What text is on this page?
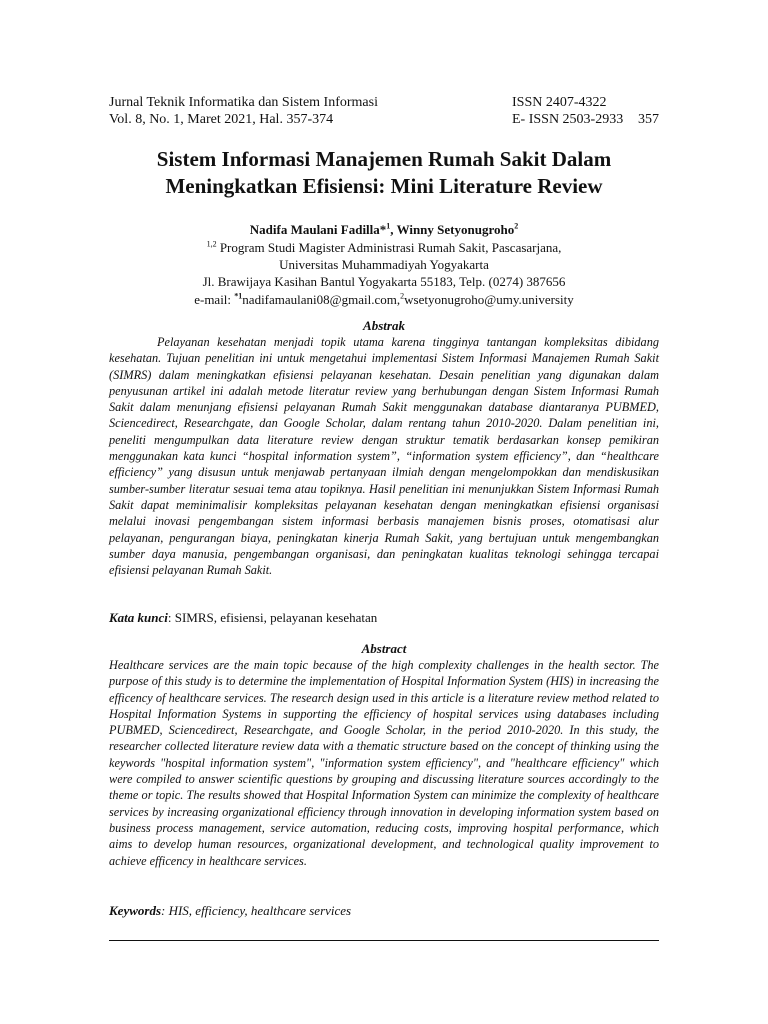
Jurnal Teknik Informatika dan Sistem Informasi	ISSN 2407-4322
Vol. 8, No. 1, Maret 2021, Hal. 357-374	E- ISSN 2503-2933 357
Sistem Informasi Manajemen Rumah Sakit Dalam
Meningkatkan Efisiensi: Mini Literature Review
Nadifa Maulani Fadilla*$^1$, Winny Setyonugroho$^2$
$^{1,2}$ Program Studi Magister Administrasi Rumah Sakit, Pascasarjana,
Universitas Muhammadiyah Yogyakarta
Jl. Brawijaya Kasihan Bantul Yogyakarta 55183, Telp. (0274) 387656
e-mail: $^{*1}$nadifamaulani08@gmail.com,$^2$wsetyonugroho@umy.university
Abstrak

Pelayanan kesehatan menjadi topik utama karena tingginya tantangan kompleksitas dibidang kesehatan. Tujuan penelitian ini untuk mengetahui implementasi Sistem Informasi Manajemen Rumah Sakit (SIMRS) dalam meningkatkan efisiensi pelayanan kesehatan. Desain penelitian yang digunakan dalam penyusunan artikel ini adalah metode literatur review yang berhubungan dengan Sistem Informasi Rumah Sakit dalam menunjang efisiensi pelayanan Rumah Sakit menggunakan database diantaranya PUBMED, Sciencedirect, Researchgate, dan Google Scholar, dalam rentang tahun 2010-2020. Dalam penelitian ini, peneliti mengumpulkan data literature review dengan struktur tematik berdasarkan konsep pemikiran menggunakan kata kunci “hospital information system”, “information system efficiency”, dan “healthcare efficiency” yang disusun untuk menjawab pertanyaan ilmiah dengan mengelompokkan dan mendiskusikan sumber-sumber literatur sesuai tema atau topiknya. Hasil penelitian ini menunjukkan Sistem Informasi Rumah Sakit dapat meminimalisir kompleksitas pelayanan kesehatan dengan meningkatkan efisiensi organisasi melalui inovasi pengembangan sistem informasi berbasis manajemen bisnis proses, otomatisasi alur pelayanan, pengurangan biaya, peningkatan kinerja Rumah Sakit, yang bertujuan untuk mengembangkan sumber daya manusia, pengembangan organisasi, dan peningkatan kualitas teknologi sehingga tercapai efisiensi pelayanan Rumah Sakit.

Kata kunci: SIMRS, efisiensi, pelayanan kesehatan
Abstract

Healthcare services are the main topic because of the high complexity challenges in the health sector. The purpose of this study is to determine the implementation of Hospital Information System (HIS) in increasing the efficency of healthcare services. The research design used in this article is a literature review method related to Hospital Information Systems in supporting the efficiency of hospital services using databases including PUBMED, Sciencedirect, Researchgate, and Google Scholar, in the period 2010-2020. In this study, the researcher collected literature review data with a thematic structure based on the concept of thinking using the keywords "hospital information system", "information system efficiency", and "healthcare efficiency" which were compiled to answer scientific questions by grouping and discussing literature sources accordingly to the theme or topic. The results showed that Hospital Information System can minimize the complexity of healthcare services by increasing organizational efficiency through innovation in developing information system based on business process management, service automation, reducing costs, improving hospital performance, which aims to develop human resources, organizational development, and technological quality improvement to achieve efficency in healthcare services.

Keywords: HIS, efficiency, healthcare services
